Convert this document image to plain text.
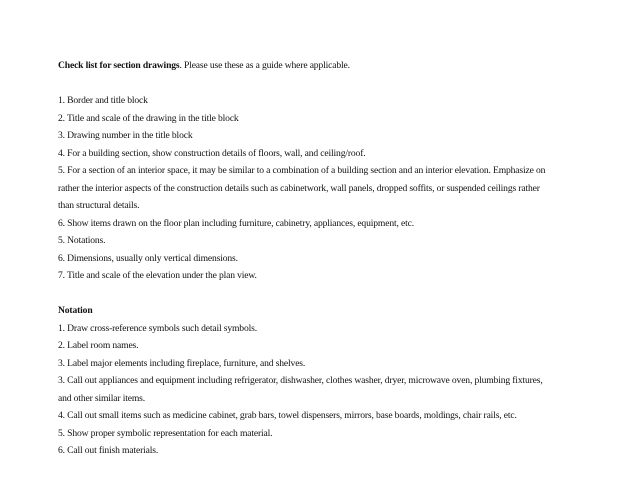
Check list for section drawings. Please use these as a guide where applicable.

1. Border and title block

2. Title and scale of the drawing in the title block

3. Drawing number in the title block

4. For a building section, show construction details of floors, wall, and ceiling/roof.

5. For a section of an interior space, it may be similar to a combination of a building section and an interior elevation. Emphasize on

rather the interior aspects of the construction details such as cabinetwork, wall panels, dropped soffits, or suspended ceilings rather

than structural details.

6. Show items drawn on the floor plan including furniture, cabinetry, appliances, equipment, etc.

5. Notations.

6. Dimensions, usually only vertical dimensions.

7. Title and scale of the elevation under the plan view.

Notation

1. Draw cross-reference symbols such detail symbols.

2. Label room names.

3. Label major elements including fireplace, furniture, and shelves.

3. Call out appliances and equipment including refrigerator, dishwasher, clothes washer, dryer, microwave oven, plumbing fixtures,

and other similar items.

4. Call out small items such as medicine cabinet, grab bars, towel dispensers, mirrors, base boards, moldings, chair rails, etc.

5. Show proper symbolic representation for each material.

6. Call out finish materials.
